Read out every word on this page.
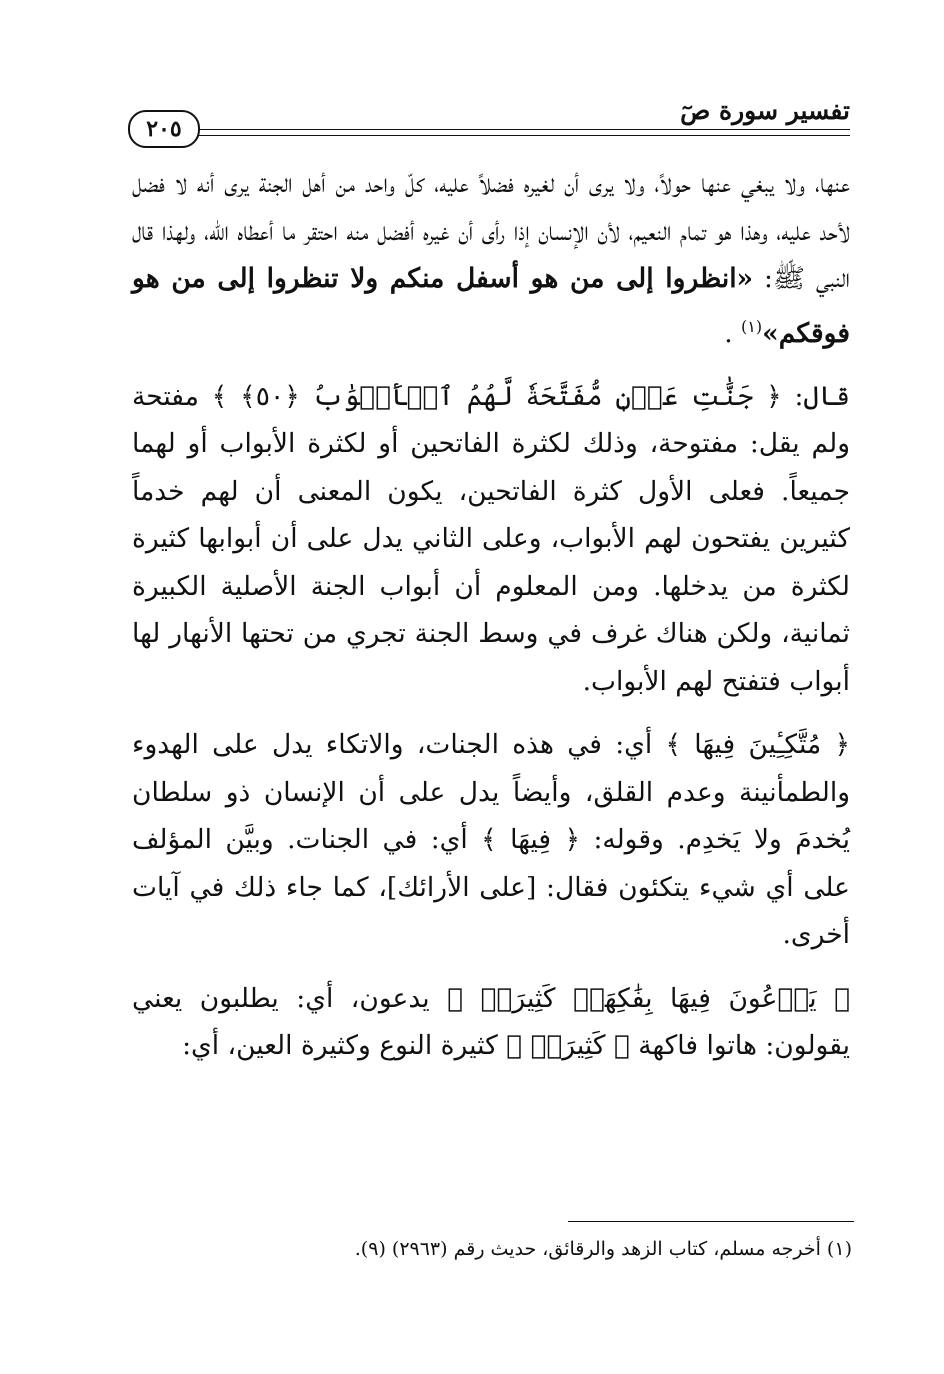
تفسير سورة صٓ
٢٠٥

عنها، ولا يبغي عنها حولاً، ولا يرى أن لغيره فضلاً عليه، كلّ واحد من أهل الجنة يرى أنه لا فضل لأحد عليه، وهذا هو تمام النعيم، لأن الإنسان إذا رأى أن غيره أفضل منه احتقر ما أعطاه الله، ولهذا قال النبي ﷺ: «انظروا إلى من هو أسفل منكم ولا تنظروا إلى من هو فوقكم»$^{(١)}$ .

قال: ﴿ جَنَّٰتِ عَدۡنٖ مُّفَتَّحَةٗ لَّهُمُ ٱلۡأَبۡوَٰبُ ﴿٥٠﴾ ﴾ مفتحة ولم يقل: مفتوحة، وذلك لكثرة الفاتحين أو لكثرة الأبواب أو لهما جميعاً. فعلى الأول كثرة الفاتحين، يكون المعنى أن لهم خدماً كثيرين يفتحون لهم الأبواب، وعلى الثاني يدل على أن أبوابها كثيرة لكثرة من يدخلها. ومن المعلوم أن أبواب الجنة الأصلية الكبيرة ثمانية، ولكن هناك غرف في وسط الجنة تجري من تحتها الأنهار لها أبواب فتفتح لهم الأبواب.

﴿ مُتَّكِـِٔينَ فِيهَا ﴾ أي: في هذه الجنات، والاتكاء يدل على الهدوء والطمأنينة وعدم القلق، وأيضاً يدل على أن الإنسان ذو سلطان يُخدمَ ولا يَخدِم. وقوله: ﴿ فِيهَا ﴾ أي: في الجنات. وبيَّن المؤلف على أي شيء يتكئون فقال: [على الأرائك]، كما جاء ذلك في آيات أخرى.

﴿ يَدۡعُونَ فِيهَا بِفَٰكِهَةٖ كَثِيرَةٖ ﴾ يدعون، أي: يطلبون يعني يقولون: هاتوا فاكهة ﴿ كَثِيرَةٖ ﴾ كثيرة النوع وكثيرة العين، أي:

(١) أخرجه مسلم، كتاب الزهد والرقائق، حديث رقم (٢٩٦٣) (٩).
